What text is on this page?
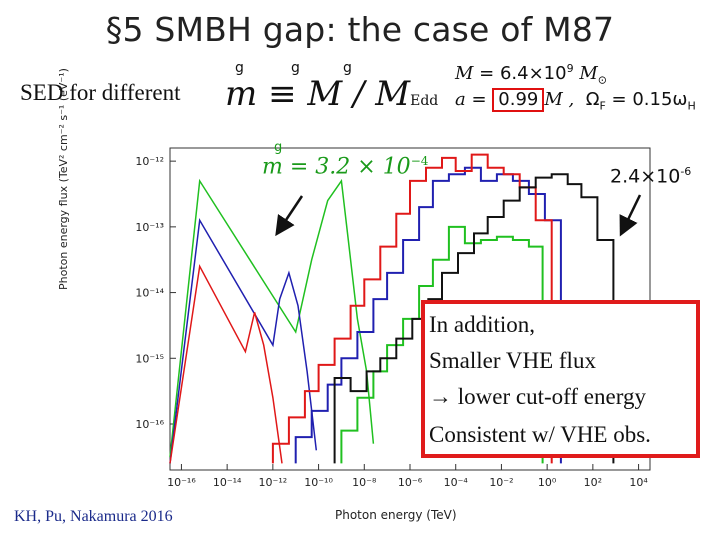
§5 SMBH gap: the case of M87
SED for different
g	g	g
m ≡ M / MEdd
$M = 6.4\times 10^9$ $M_⊙$
a = 0.99 M , $\Omega_F = 0.15\omega_H$
10⁻¹²
10⁻¹³
10⁻¹⁴
10⁻¹⁵
10⁻¹⁶
10⁻¹⁶ 10⁻¹⁴ 10⁻¹² 10⁻¹⁰ 10⁻⁸ 10⁻⁶ 10⁻⁴ 10⁻² 10⁰ 10² 10⁴
Photon energy flux (TeV² cm⁻² s⁻¹ (eV⁻¹)
Photon energy (TeV)
g
$m = 3.2 \times 10^{-4}$
$2.4\times 10^{-6}$
In addition,
Smaller VHE flux
→ lower cut-off energy
Consistent w/ VHE obs.
KH, Pu, Nakamura 2016
